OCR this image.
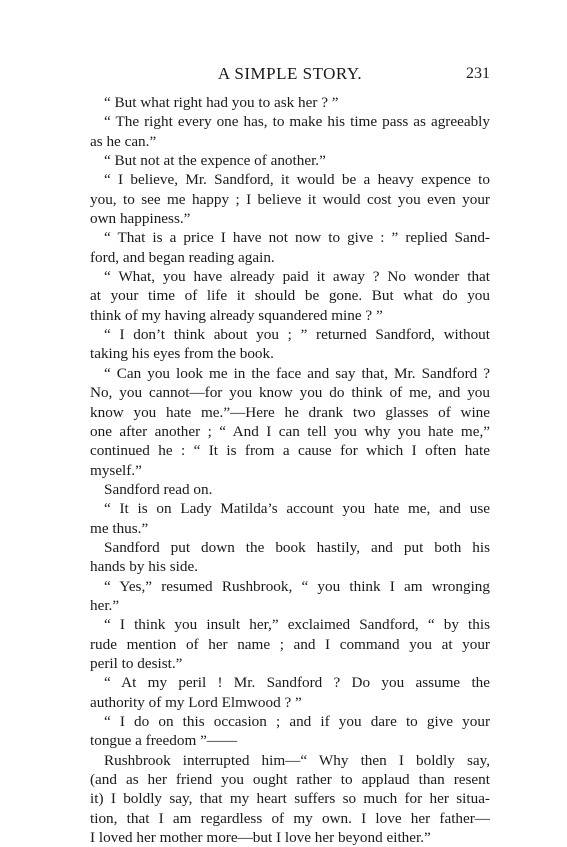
A SIMPLE STORY.	231
“ But what right had you to ask her ? ”
“ The right every one has, to make his time pass as agreeably
as he can.”
“ But not at the expence of another.”
“ I believe, Mr. Sandford, it would be a heavy expence to
you, to see me happy ; I believe it would cost you even your
own happiness.”
“ That is a price I have not now to give : ” replied Sand-
ford, and began reading again.
“ What, you have already paid it away ? No wonder that
at your time of life it should be gone. But what do you
think of my having already squandered mine ? ”
“ I don’t think about you ; ” returned Sandford, without
taking his eyes from the book.
“ Can you look me in the face and say that, Mr. Sandford ?
No, you cannot—for you know you do think of me, and you
know you hate me.”—Here he drank two glasses of wine
one after another ; “ And I can tell you why you hate me,”
continued he : “ It is from a cause for which I often hate
myself.”
Sandford read on.
“ It is on Lady Matilda’s account you hate me, and use
me thus.”
Sandford put down the book hastily, and put both his
hands by his side.
“ Yes,” resumed Rushbrook, “ you think I am wronging
her.”
“ I think you insult her,” exclaimed Sandford, “ by this
rude mention of her name ; and I command you at your
peril to desist.”
“ At my peril ! Mr. Sandford ? Do you assume the
authority of my Lord Elmwood ? ”
“ I do on this occasion ; and if you dare to give your
tongue a freedom ”——
Rushbrook interrupted him—“ Why then I boldly say,
(and as her friend you ought rather to applaud than resent
it) I boldly say, that my heart suffers so much for her situa-
tion, that I am regardless of my own. I love her father—
I loved her mother more—but I love her beyond either.”
